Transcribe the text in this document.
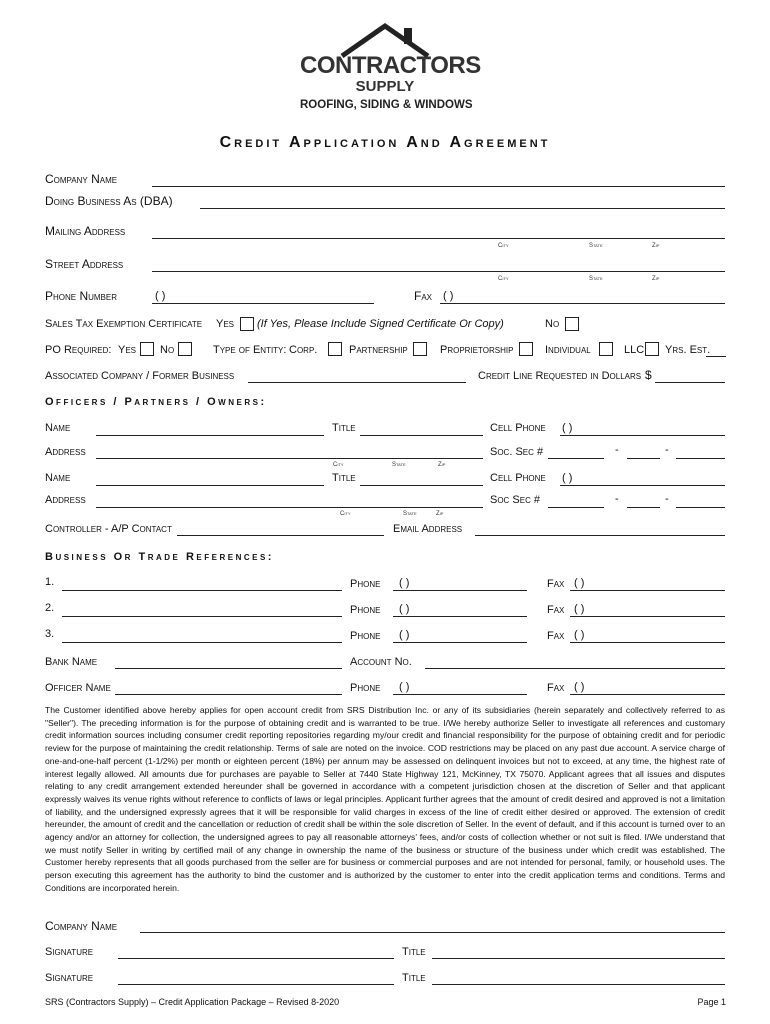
CONTRACTORS
SUPPLY
ROOFING, SIDING & WINDOWS
Credit Application And Agreement
Company Name
Doing Business As (DBA)
Mailing Address
City	State	Zip
Street Address
City	State	Zip
Phone Number	( )	Fax ( )
Sales Tax Exemption Certificate Yes (If Yes, Please Include Signed Certificate Or Copy)	No
PO Required: Yes No	Type of Entity: Corp.	Partnership	Proprietorship	Individual	LLC Yrs. Est.
Associated Company / Former Business	Credit Line Requested in Dollars $
Officers / Partners / Owners:
Name	Title	Cell Phone ( )
Address	Soc. Sec #	-	-
City	State	Zip
Name	Title	Cell Phone ( )
Address	Soc Sec #	-	-
City	State	Zip
Controller - A/P Contact	Email Address
Business Or Trade References:
1.	Phone ( )	Fax ( )
2.	Phone ( )	Fax ( )
3.	Phone ( )	Fax ( )
Bank Name	Account No.
Officer Name	Phone ( )	Fax ( )
The Customer identified above hereby applies for open account credit from SRS Distribution Inc. or any of its subsidiaries (herein separately and collectively referred to as "Seller"). The preceding information is for the purpose of obtaining credit and is warranted to be true. I/We hereby authorize Seller to investigate all references and customary credit information sources including consumer credit reporting repositories regarding my/our credit and financial responsibility for the purpose of obtaining credit and for periodic review for the purpose of maintaining the credit relationship. Terms of sale are noted on the invoice. COD restrictions may be placed on any past due account. A service charge of one-and-one-half percent (1-1/2%) per month or eighteen percent (18%) per annum may be assessed on delinquent invoices but not to exceed, at any time, the highest rate of interest legally allowed. All amounts due for purchases are payable to Seller at 7440 State Highway 121, McKinney, TX 75070. Applicant agrees that all issues and disputes relating to any credit arrangement extended hereunder shall be governed in accordance with a competent jurisdiction chosen at the discretion of Seller and that applicant expressly waives its venue rights without reference to conflicts of laws or legal principles. Applicant further agrees that the amount of credit desired and approved is not a limitation of liability, and the undersigned expressly agrees that it will be responsible for valid charges in excess of the line of credit either desired or approved. The extension of credit hereunder, the amount of credit and the cancellation or reduction of credit shall be within the sole discretion of Seller. In the event of default, and if this account is turned over to an agency and/or an attorney for collection, the undersigned agrees to pay all reasonable attorneys' fees, and/or costs of collection whether or not suit is filed. I/We understand that we must notify Seller in writing by certified mail of any change in ownership the name of the business or structure of the business under which credit was established. The Customer hereby represents that all goods purchased from the seller are for business or commercial purposes and are not intended for personal, family, or household uses. The person executing this agreement has the authority to bind the customer and is authorized by the customer to enter into the credit application terms and conditions. Terms and Conditions are incorporated herein.
Company Name
Signature	Title
Signature	Title
SRS (Contractors Supply) – Credit Application Package – Revised 8-2020	Page 1
